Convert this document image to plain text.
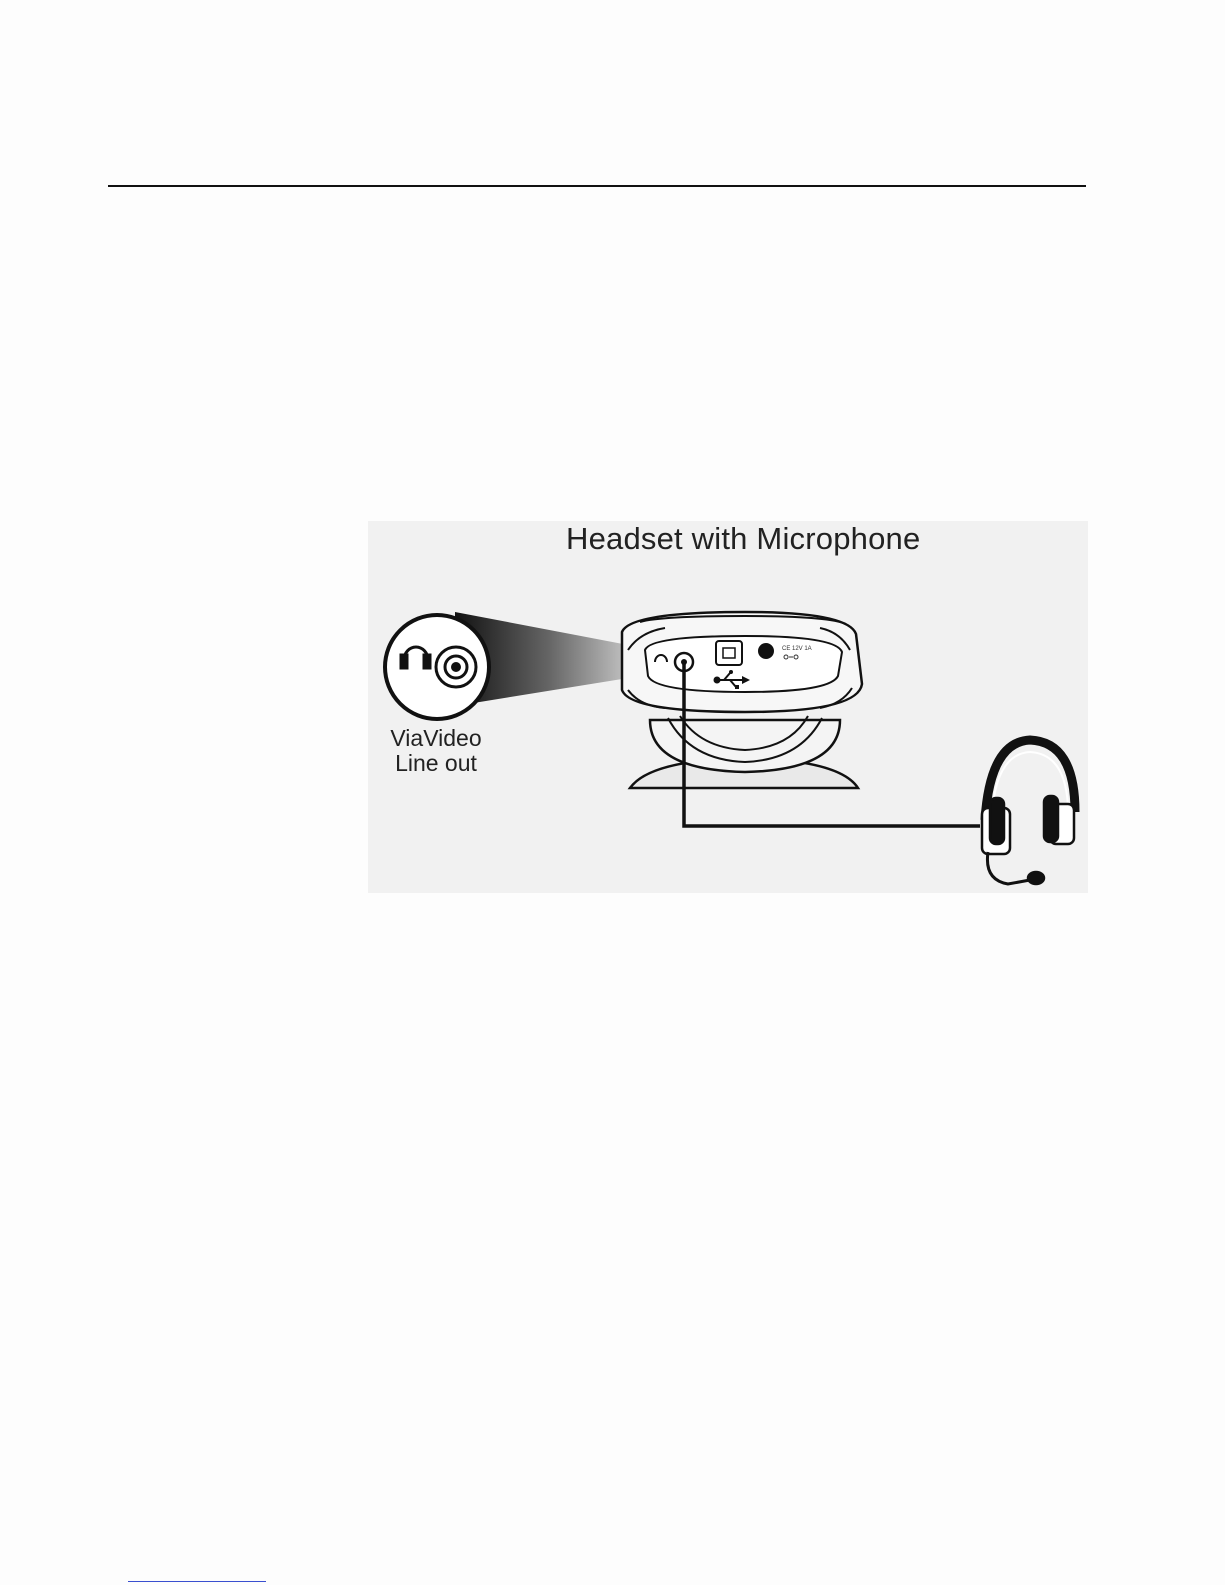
CE 12V 1A
Headset with Microphone
ViaVideo
Line out
